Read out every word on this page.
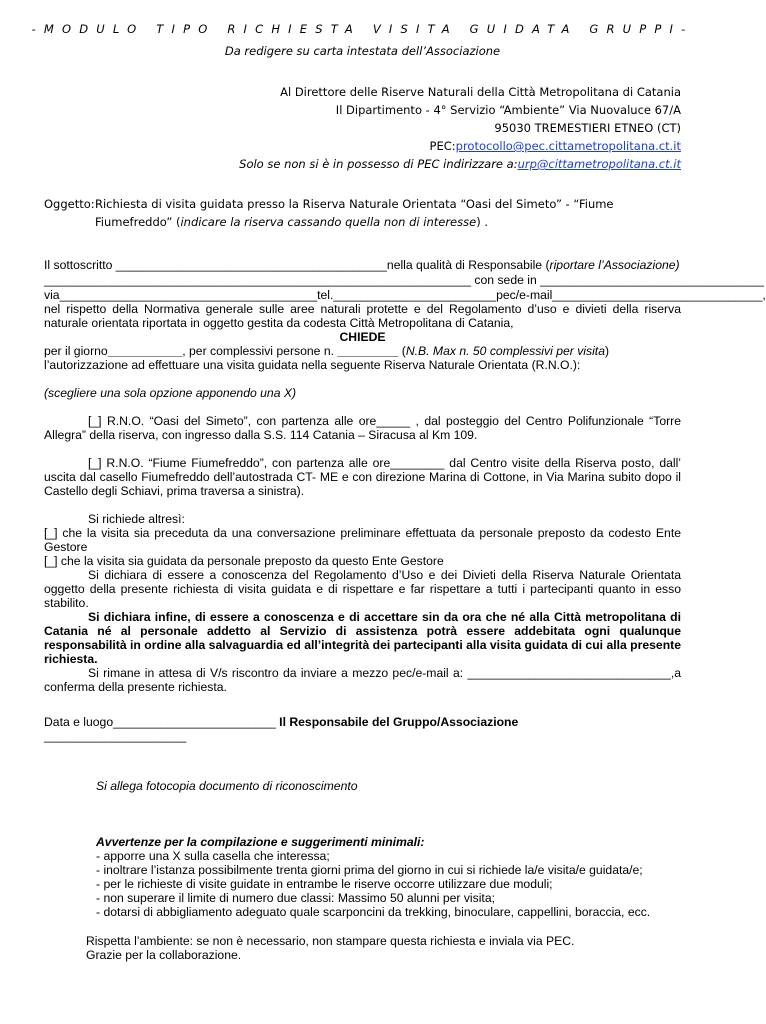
-MODULO TIPO RICHIESTA VISITA GUIDATA GRUPPI-
Da redigere su carta intestata dell’Associazione
Al Direttore delle Riserve Naturali della Città Metropolitana di Catania
Il Dipartimento - 4° Servizio “Ambiente” Via Nuovaluce 67/A
95030 TREMESTIERI ETNEO (CT)
PEC:protocollo@pec.cittametropolitana.ct.it
Solo se non si è in possesso di PEC indirizzare a:urp@cittametropolitana.ct.it
Oggetto: Richiesta di visita guidata presso la Riserva Naturale Orientata “Oasi del Simeto” - “Fiume
Fiumefreddo” (indicare la riserva cassando quella non di interesse) .

Il sottoscritto ________________________________________nella qualità di Responsabile (riportare l’Associazione)

_______________________________________________________________ con sede in _________________________________

via______________________________________tel.________________________pec/e-mail_______________________________,

nel rispetto della Normativa generale sulle aree naturali protette e del Regolamento d’uso e divieti della riserva naturale orientata riportata in oggetto gestita da codesta Città Metropolitana di Catania,

CHIEDE

per il giorno___________, per complessivi persone n. _________ (N.B. Max n. 50 complessivi per visita)

l’autorizzazione ad effettuare una visita guidata nella seguente Riserva Naturale Orientata (R.N.O.):

(scegliere una sola opzione apponendo una X)

[_] R.N.O. “Oasi del Simeto”, con partenza alle ore_____ , dal posteggio del Centro Polifunzionale “Torre Allegra” della riserva, con ingresso dalla S.S. 114 Catania – Siracusa al Km 109.

[_] R.N.O. “Fiume Fiumefreddo”, con partenza alle ore________ dal Centro visite della Riserva posto, dall’ uscita dal casello Fiumefreddo dell’autostrada CT- ME e con direzione Marina di Cottone, in Via Marina subito dopo il Castello degli Schiavi, prima traversa a sinistra).

Si richiede altresì:

[_] che la visita sia preceduta da una conversazione preliminare effettuata da personale preposto da codesto Ente Gestore

[_] che la visita sia guidata da personale preposto da questo Ente Gestore

Si dichiara di essere a conoscenza del Regolamento d’Uso e dei Divieti della Riserva Naturale Orientata oggetto della presente richiesta di visita guidata e di rispettare e far rispettare a tutti i partecipanti quanto in esso stabilito.

Si dichiara infine, di essere a conoscenza e di accettare sin da ora che né alla Città metropolitana di Catania né al personale addetto al Servizio di assistenza potrà essere addebitata ogni qualunque responsabilità in ordine alla salvaguardia ed all’integrità dei partecipanti alla visita guidata di cui alla presente richiesta.

Si rimane in attesa di V/s riscontro da inviare a mezzo pec/e-mail a: ______________________________,a conferma della presente richiesta.

Data e luogo________________________ Il Responsabile del Gruppo/Associazione

_____________________

Si allega fotocopia documento di riconoscimento

Avvertenze per la compilazione e suggerimenti minimali:

- apporre una X sulla casella che interessa;

- inoltrare l’istanza possibilmente trenta giorni prima del giorno in cui si richiede la/e visita/e guidata/e;

- per le richieste di visite guidate in entrambe le riserve occorre utilizzare due moduli;

- non superare il limite di numero due classi: Massimo 50 alunni per visita;

- dotarsi di abbigliamento adeguato quale scarponcini da trekking, binoculare, cappellini, boraccia, ecc.

Rispetta l’ambiente: se non è necessario, non stampare questa richiesta e inviala via PEC.

Grazie per la collaborazione.
